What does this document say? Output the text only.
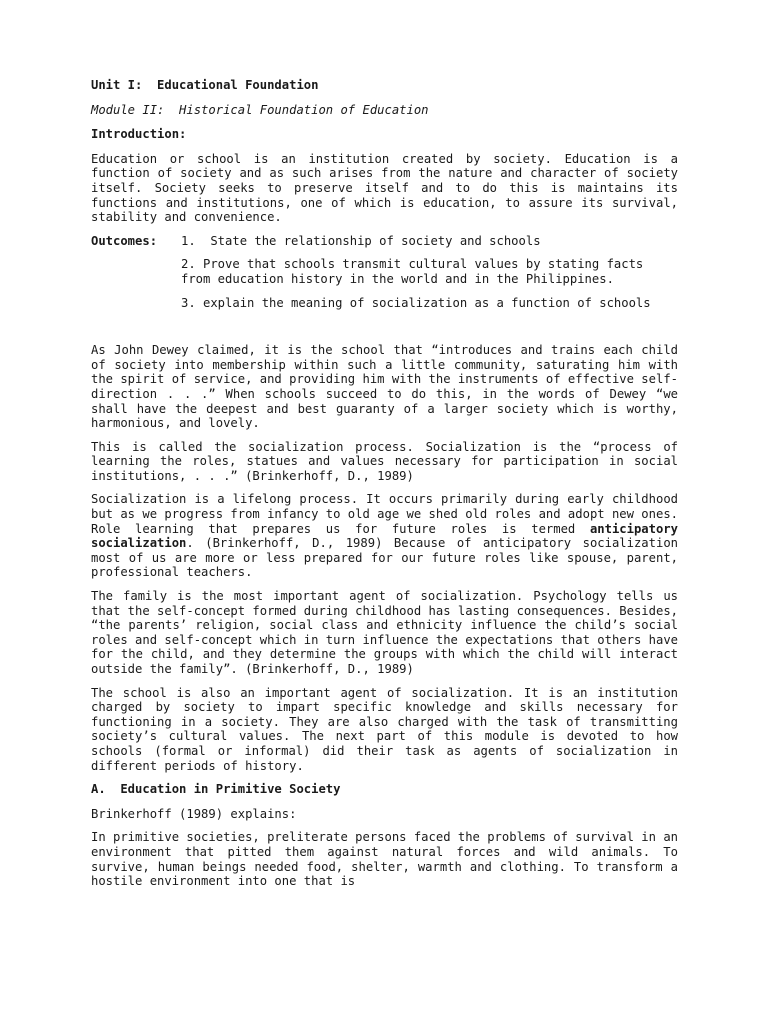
Unit I:  Educational Foundation
Module II:  Historical Foundation of Education
Introduction:

Education or school is an institution created by society. Education is a function of society and as such arises from the nature and character of society itself. Society seeks to preserve itself and to do this is maintains its functions and institutions, one of which is education, to assure its survival, stability and convenience.

Outcomes: 1.  State the relationship of society and schools
2. Prove that schools transmit cultural values by stating facts from education history in the world and in the Philippines.
3. explain the meaning of socialization as a function of schools

As John Dewey claimed, it is the school that “introduces and trains each child of society into membership within such a little community, saturating him with the spirit of service, and providing him with the instruments of effective self-direction . . .” When schools succeed to do this, in the words of Dewey “we shall have the deepest and best guaranty of a larger society which is worthy, harmonious, and lovely.

This is called the socialization process. Socialization is the “process of learning the roles, statues and values necessary for participation in social institutions, . . .” (Brinkerhoff, D., 1989)

Socialization is a lifelong process. It occurs primarily during early childhood but as we progress from infancy to old age we shed old roles and adopt new ones. Role learning that prepares us for future roles is termed anticipatory socialization. (Brinkerhoff, D., 1989) Because of anticipatory socialization most of us are more or less prepared for our future roles like spouse, parent, professional teachers.

The family is the most important agent of socialization. Psychology tells us that the self-concept formed during childhood has lasting consequences. Besides, “the parents’ religion, social class and ethnicity influence the child’s social roles and self-concept which in turn influence the expectations that others have for the child, and they determine the groups with which the child will interact outside the family”. (Brinkerhoff, D., 1989)

The school is also an important agent of socialization. It is an institution charged by society to impart specific knowledge and skills necessary for functioning in a society. They are also charged with the task of transmitting society’s cultural values. The next part of this module is devoted to how schools (formal or informal) did their task as agents of socialization in different periods of history.

A.  Education in Primitive Society

Brinkerhoff (1989) explains:

In primitive societies, preliterate persons faced the problems of survival in an environment that pitted them against natural forces and wild animals. To survive, human beings needed food, shelter, warmth and clothing. To transform a hostile environment into one that is
